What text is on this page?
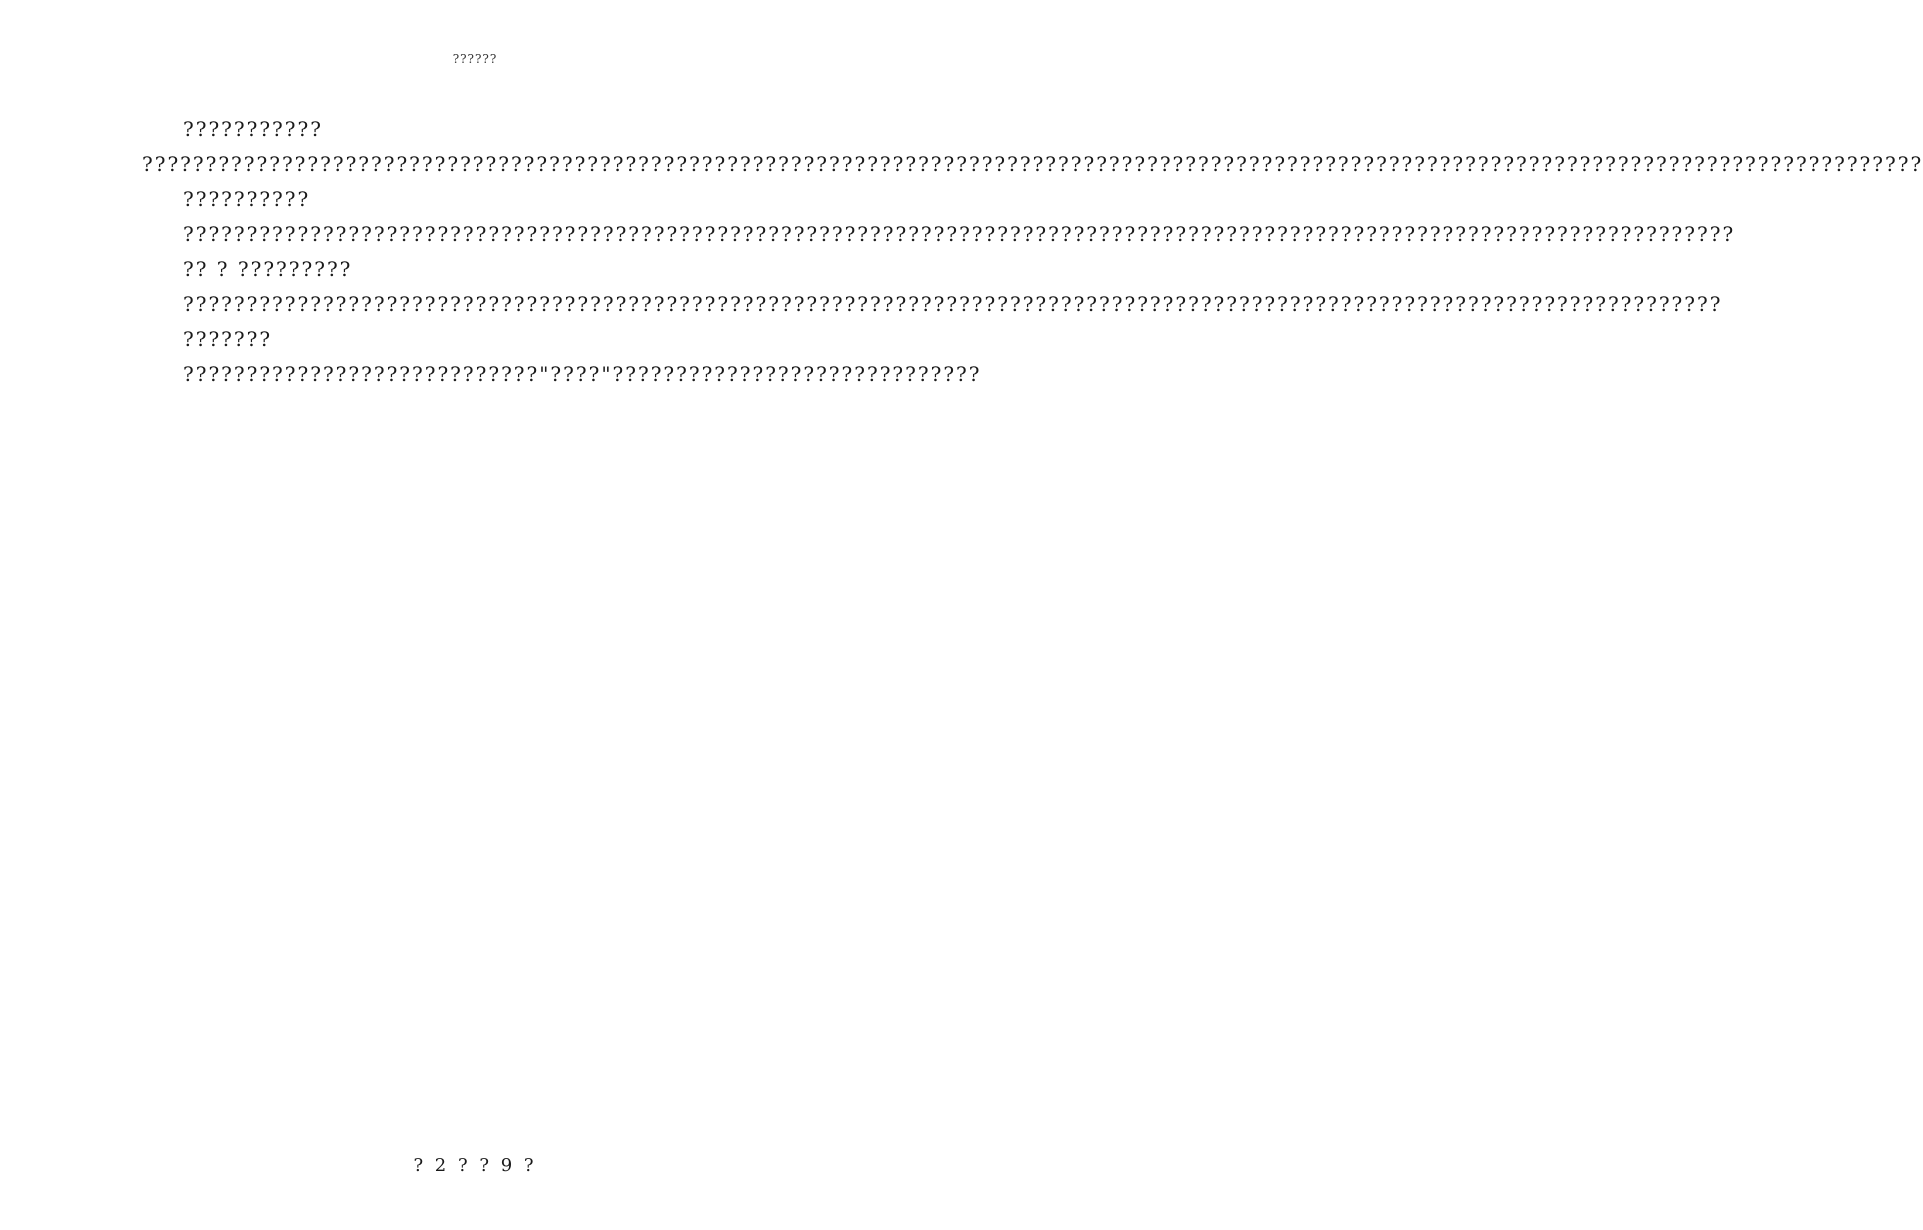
??????

??????????? ????????????????????????????????????????????????????????????????????????????????????????????????????????????????????????????????????????????

??????????

??????????????????????????????????????????????????????????????????????????????????????????????????????????????????????????

?? ? ?????????

?????????????????????????????????????????????????????????????????????????????????????????????????????????????????????????

???????

????????????????????????????"????"?????????????????????????????

? 2 ? ? 9 ?
